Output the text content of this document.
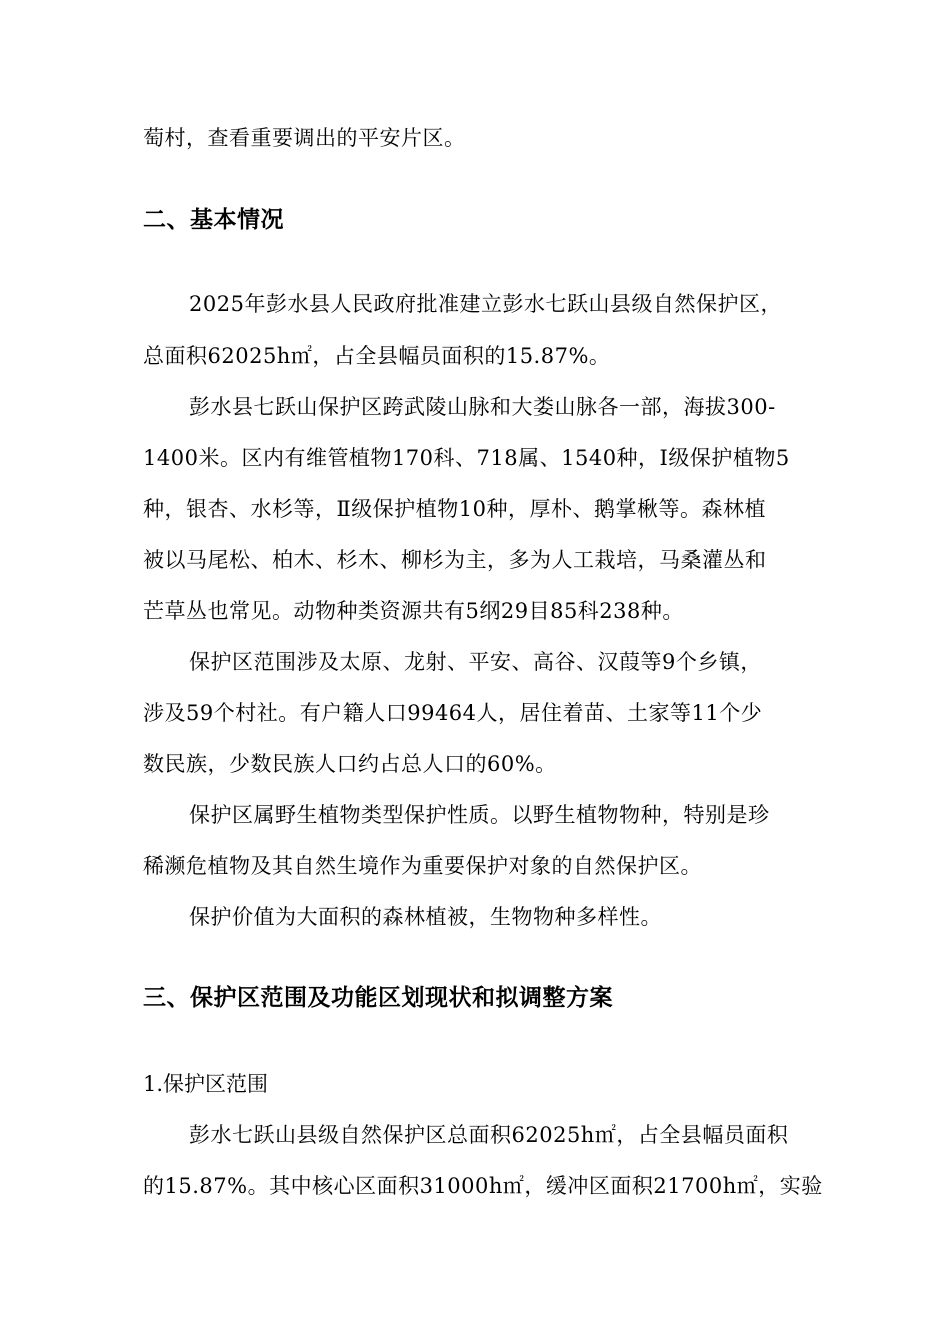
萄村，查看重要调出的平安片区。
二、基本情况
2025年彭水县人民政府批准建立彭水七跃山县级自然保护区，
总面积62025h㎡，占全县幅员面积的15.87%。
彭水县七跃山保护区跨武陵山脉和大娄山脉各一部，海拔300-
1400米。区内有维管植物170科、718属、1540种，Ⅰ级保护植物5
种，银杏、水杉等，Ⅱ级保护植物10种，厚朴、鹅掌楸等。森林植
被以马尾松、柏木、杉木、柳杉为主，多为人工栽培，马桑灌丛和
芒草丛也常见。动物种类资源共有5纲29目85科238种。
保护区范围涉及太原、龙射、平安、高谷、汉葭等9个乡镇，
涉及59个村社。有户籍人口99464人，居住着苗、土家等11个少
数民族，少数民族人口约占总人口的60%。
保护区属野生植物类型保护性质。以野生植物物种，特别是珍
稀濒危植物及其自然生境作为重要保护对象的自然保护区。
保护价值为大面积的森林植被，生物物种多样性。
三、保护区范围及功能区划现状和拟调整方案
1.保护区范围
彭水七跃山县级自然保护区总面积62025h㎡，占全县幅员面积
的15.87%。其中核心区面积31000h㎡，缓冲区面积21700h㎡，实验
